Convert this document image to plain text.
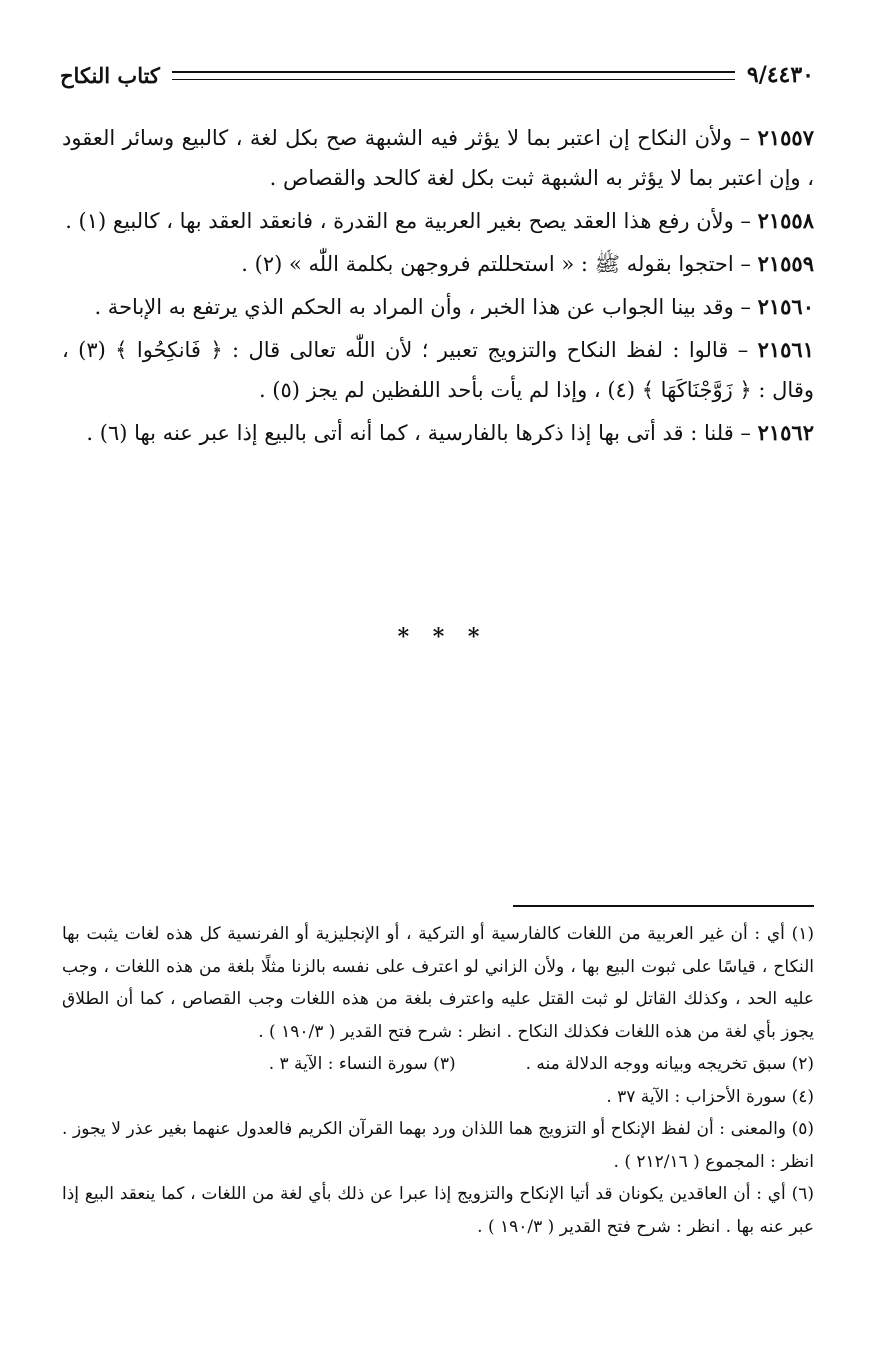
٩/٤٤٣٠
كتاب النكاح

٢١٥٥٧ – ولأن النكاح إن اعتبر بما لا يؤثر فيه الشبهة صح بكل لغة ، كالبيع وسائر العقود ، وإن اعتبر بما لا يؤثر به الشبهة ثبت بكل لغة كالحد والقصاص .

٢١٥٥٨ – ولأن رفع هذا العقد يصح بغير العربية مع القدرة ، فانعقد العقد بها ، كالبيع (١) .

٢١٥٥٩ – احتجوا بقوله ﷺ : « استحللتم فروجهن بكلمة اللّٰه » (٢) .

٢١٥٦٠ – وقد بينا الجواب عن هذا الخبر ، وأن المراد به الحكم الذي يرتفع به الإباحة .

٢١٥٦١ – قالوا : لفظ النكاح والتزويج تعبير ؛ لأن اللّٰه تعالى قال : ﴿ فَانكِحُوا ﴾ (٣) ، وقال : ﴿ زَوَّجْنَاكَهَا ﴾ (٤) ، وإذا لم يأت بأحد اللفظين لم يجز (٥) .

٢١٥٦٢ – قلنا : قد أتى بها إذا ذكرها بالفارسية ، كما أنه أتى بالبيع إذا عبر عنه بها (٦) .

* * *

(١) أي : أن غير العربية من اللغات كالفارسية أو التركية ، أو الإنجليزية أو الفرنسية كل هذه لغات يثبت بها النكاح ، قياسًا على ثبوت البيع بها ، ولأن الزاني لو اعترف على نفسه بالزنا مثلًا بلغة من هذه اللغات ، وجب عليه الحد ، وكذلك القاتل لو ثبت القتل عليه واعترف بلغة من هذه اللغات وجب القصاص ، كما أن الطلاق يجوز بأي لغة من هذه اللغات فكذلك النكاح . انظر : شرح فتح القدير ( ١٩٠/٣ ) .

(٢) سبق تخريجه وبيانه ووجه الدلالة منه .
(٣) سورة النساء : الآية ٣ .

(٤) سورة الأحزاب : الآية ٣٧ .

(٥) والمعنى : أن لفظ الإنكاح أو التزويج هما اللذان ورد بهما القرآن الكريم فالعدول عنهما بغير عذر لا يجوز . انظر : المجموع ( ٢١٢/١٦ ) .

(٦) أي : أن العاقدين يكونان قد أتيا الإنكاح والتزويج إذا عبرا عن ذلك بأي لغة من اللغات ، كما ينعقد البيع إذا عبر عنه بها . انظر : شرح فتح القدير ( ١٩٠/٣ ) .
